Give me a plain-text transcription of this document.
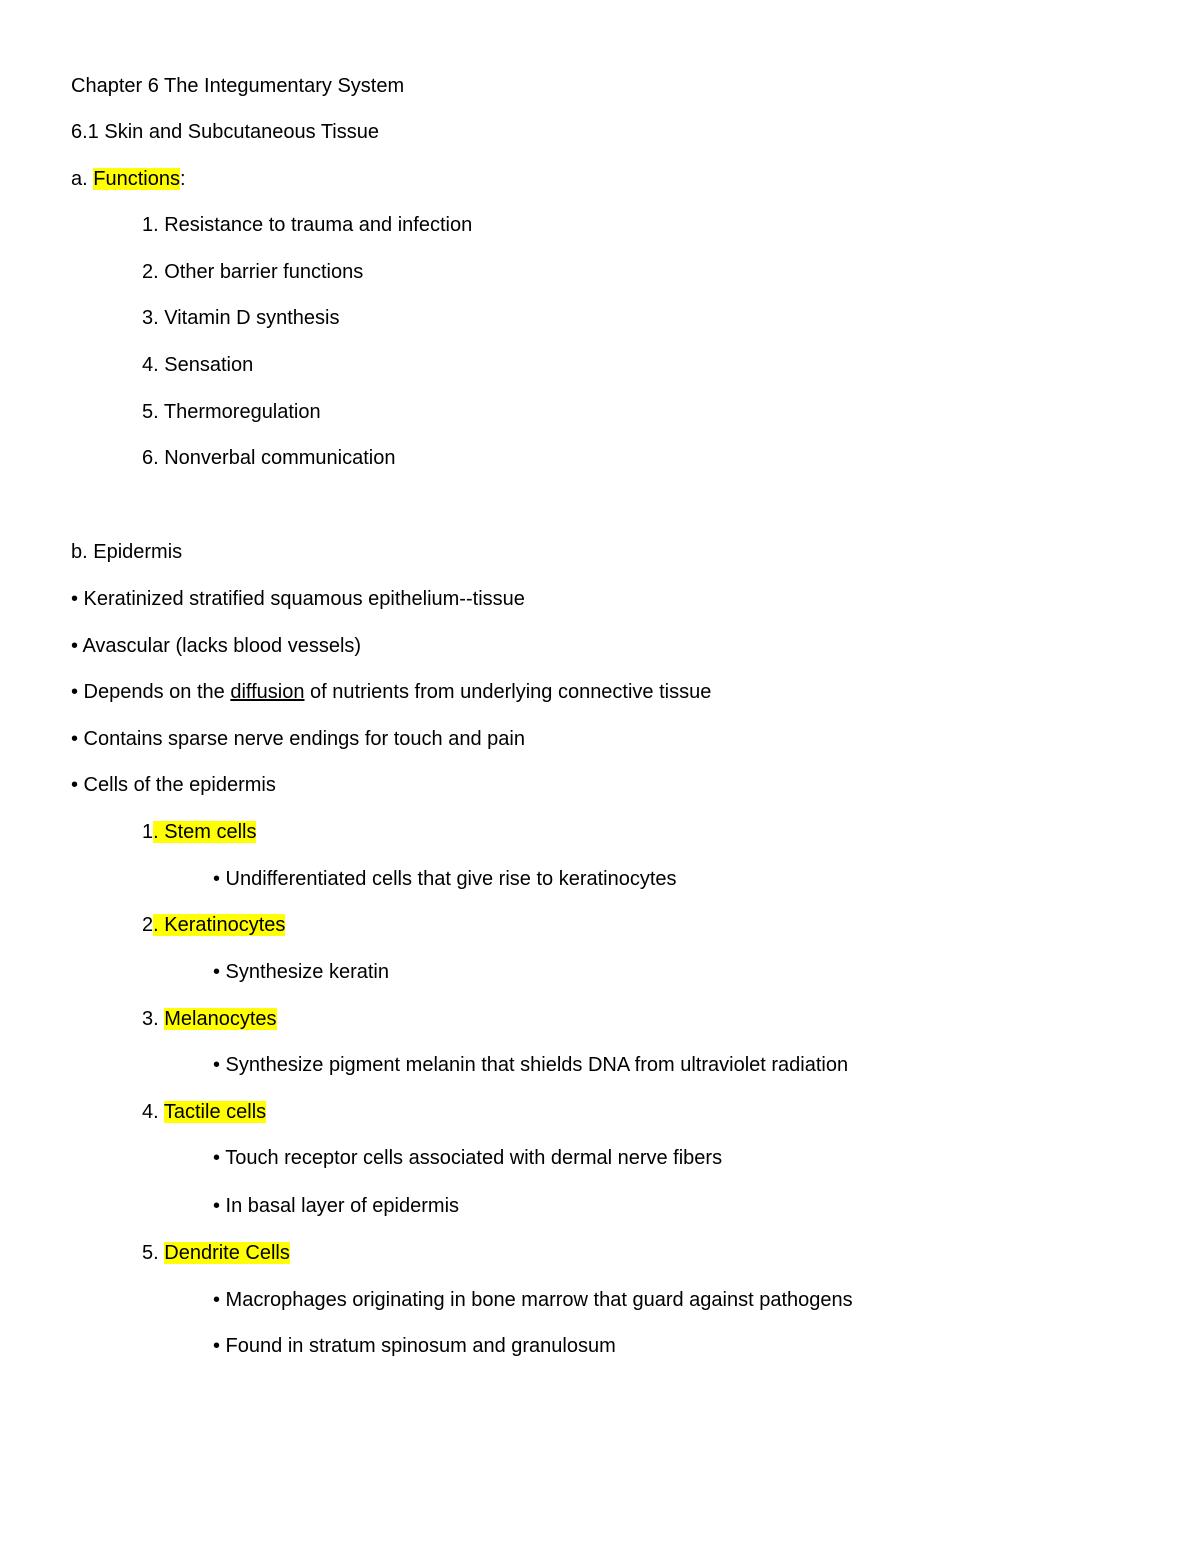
Chapter 6 The Integumentary System
6.1 Skin and Subcutaneous Tissue
a. Functions:
1. Resistance to trauma and infection
2. Other barrier functions
3. Vitamin D synthesis
4. Sensation
5. Thermoregulation
6. Nonverbal communication
b. Epidermis
• Keratinized stratified squamous epithelium--tissue
• Avascular (lacks blood vessels)
• Depends on the diffusion of nutrients from underlying connective tissue
• Contains sparse nerve endings for touch and pain
• Cells of the epidermis
1. Stem cells
• Undifferentiated cells that give rise to keratinocytes
2. Keratinocytes
• Synthesize keratin
3. Melanocytes
• Synthesize pigment melanin that shields DNA from ultraviolet radiation
4. Tactile cells
• Touch receptor cells associated with dermal nerve fibers
• In basal layer of epidermis
5. Dendrite Cells
• Macrophages originating in bone marrow that guard against pathogens
• Found in stratum spinosum and granulosum
